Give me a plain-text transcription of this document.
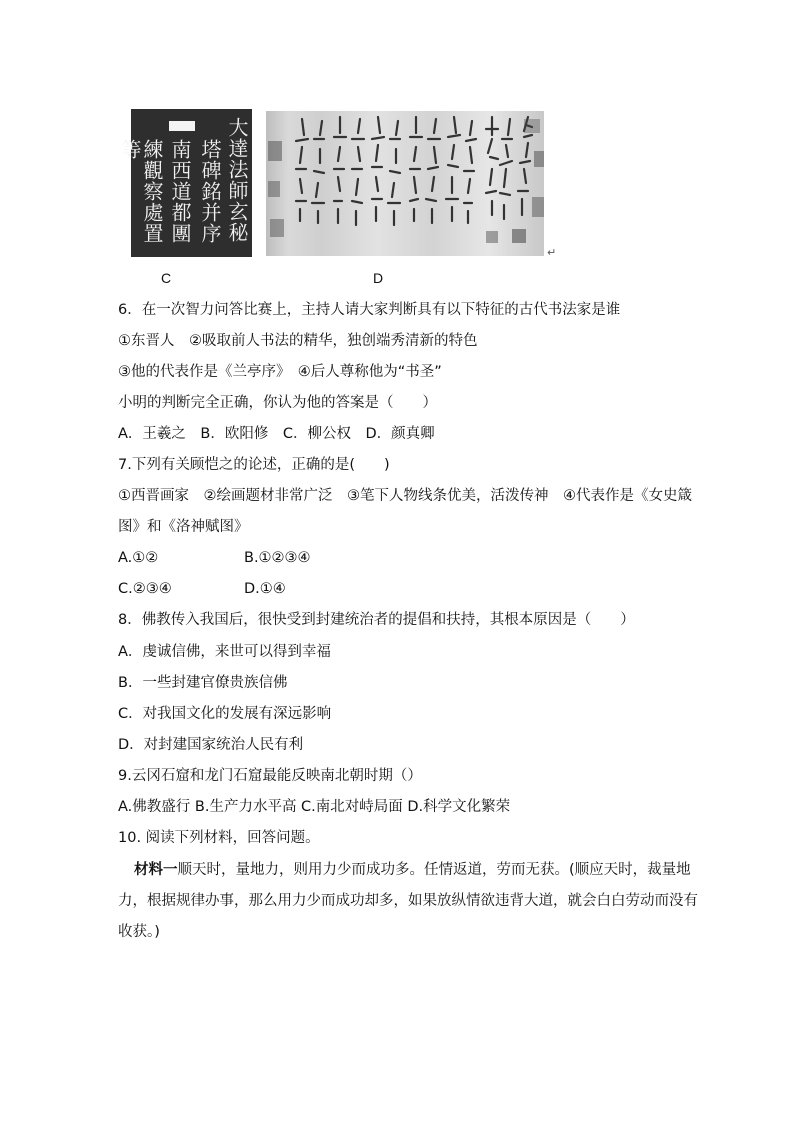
大達法師玄秘
塔碑銘并序
南西道都團
練觀察處置等
↵
C	D
6．在一次智力问答比赛上，主持人请大家判断具有以下特征的古代书法家是谁
①东晋人　②吸取前人书法的精华，独创端秀清新的特色
③他的代表作是《兰亭序》　④后人尊称他为“书圣”
小明的判断完全正确，你认为他的答案是（　　）
A．王羲之　B．欧阳修　C．柳公权　D．颜真卿
7.下列有关顾恺之的论述，正确的是(　　)
①西晋画家　②绘画题材非常广泛　③笔下人物线条优美，活泼传神　④代表作是《女史箴
图》和《洛神赋图》
A.①②	B.①②③④
C.②③④	D.①④
8．佛教传入我国后，很快受到封建统治者的提倡和扶持，其根本原因是（　　）
A．虔诚信佛，来世可以得到幸福
B．一些封建官僚贵族信佛
C．对我国文化的发展有深远影响
D．对封建国家统治人民有利
9.云冈石窟和龙门石窟最能反映南北朝时期（）
A.佛教盛行 B.生产力水平高 C.南北对峙局面 D.科学文化繁荣
10. 阅读下列材料，回答问题。
材料一顺天时，量地力，则用力少而成功多。任情返道，劳而无获。(顺应天时，裁量地
力，根据规律办事，那么用力少而成功却多，如果放纵情欲违背大道，就会白白劳动而没有
收获。)
